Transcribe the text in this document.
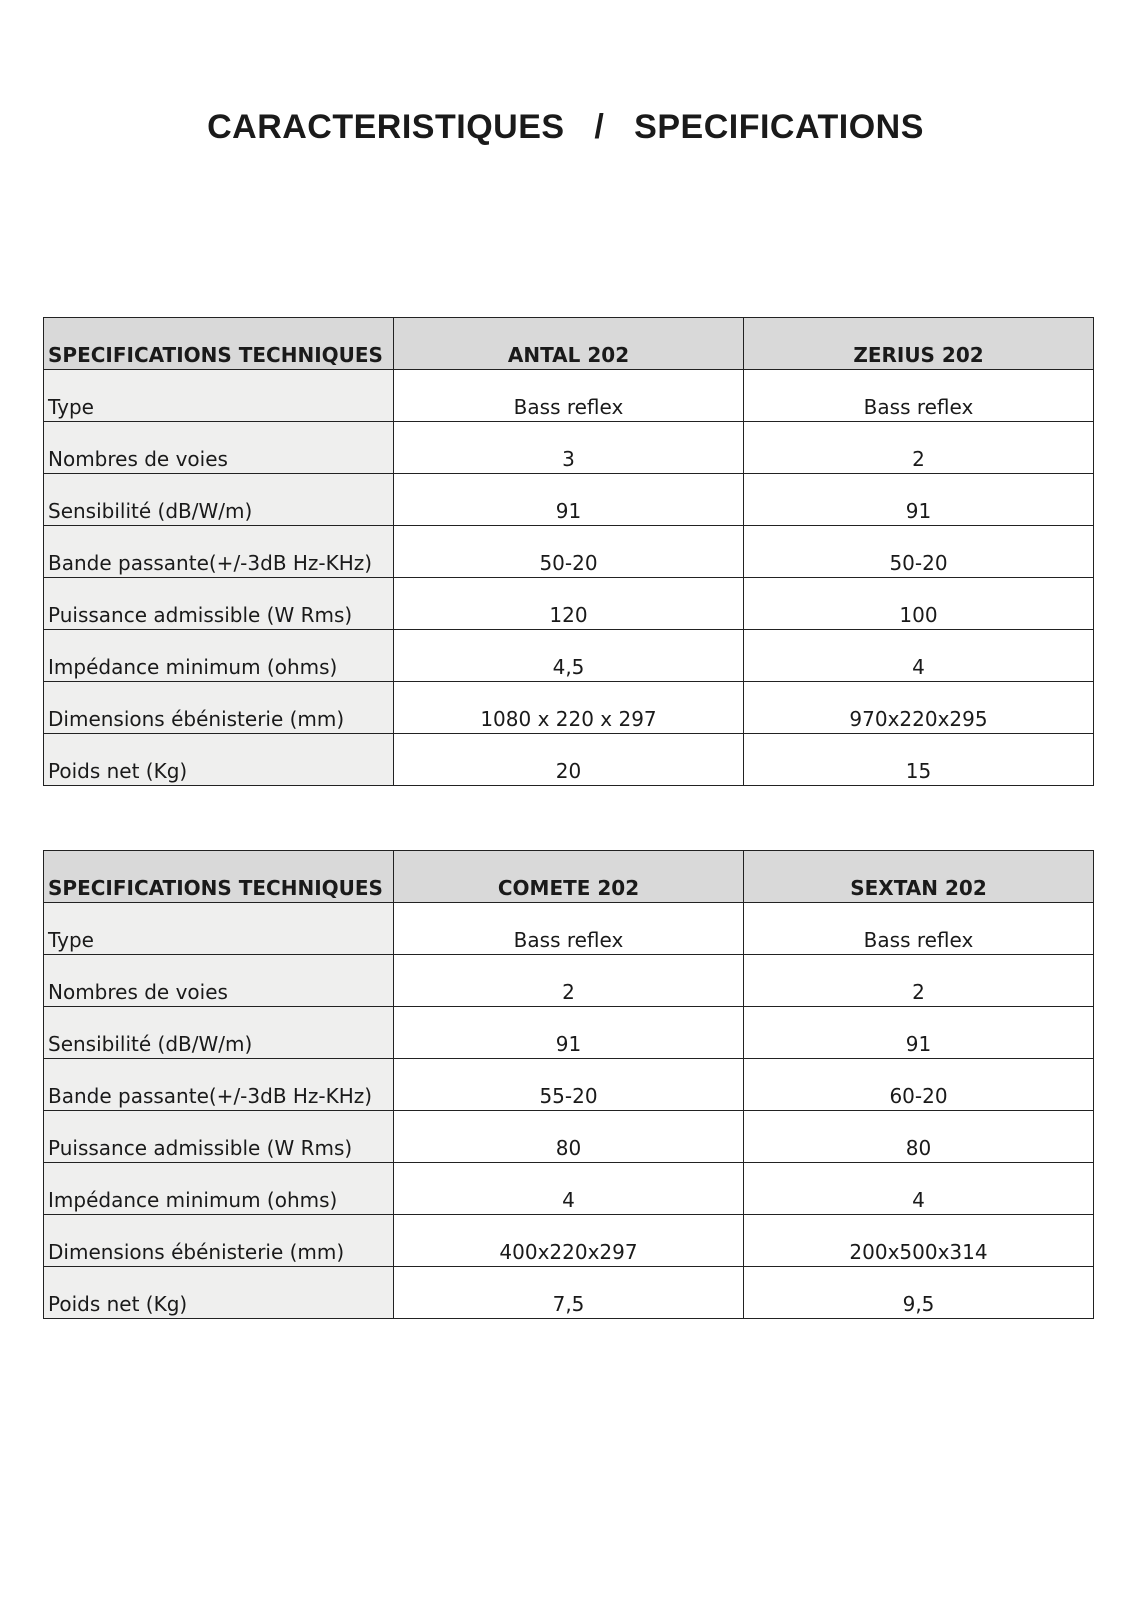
CARACTERISTIQUES   /   SPECIFICATIONS
SPECIFICATIONS TECHNIQUES	ANTAL 202	ZERIUS 202
Type	Bass reflex	Bass reflex
Nombres de voies	3	2
Sensibilité (dB/W/m)	91	91
Bande passante(+/-3dB Hz-KHz)	50-20	50-20
Puissance admissible (W Rms)	120	100
Impédance minimum (ohms)	4,5	4
Dimensions ébénisterie (mm)	1080 x 220 x 297	970x220x295
Poids net (Kg)	20	15
SPECIFICATIONS TECHNIQUES	COMETE 202	SEXTAN 202
Type	Bass reflex	Bass reflex
Nombres de voies	2	2
Sensibilité (dB/W/m)	91	91
Bande passante(+/-3dB Hz-KHz)	55-20	60-20
Puissance admissible (W Rms)	80	80
Impédance minimum (ohms)	4	4
Dimensions ébénisterie (mm)	400x220x297	200x500x314
Poids net (Kg)	7,5	9,5
